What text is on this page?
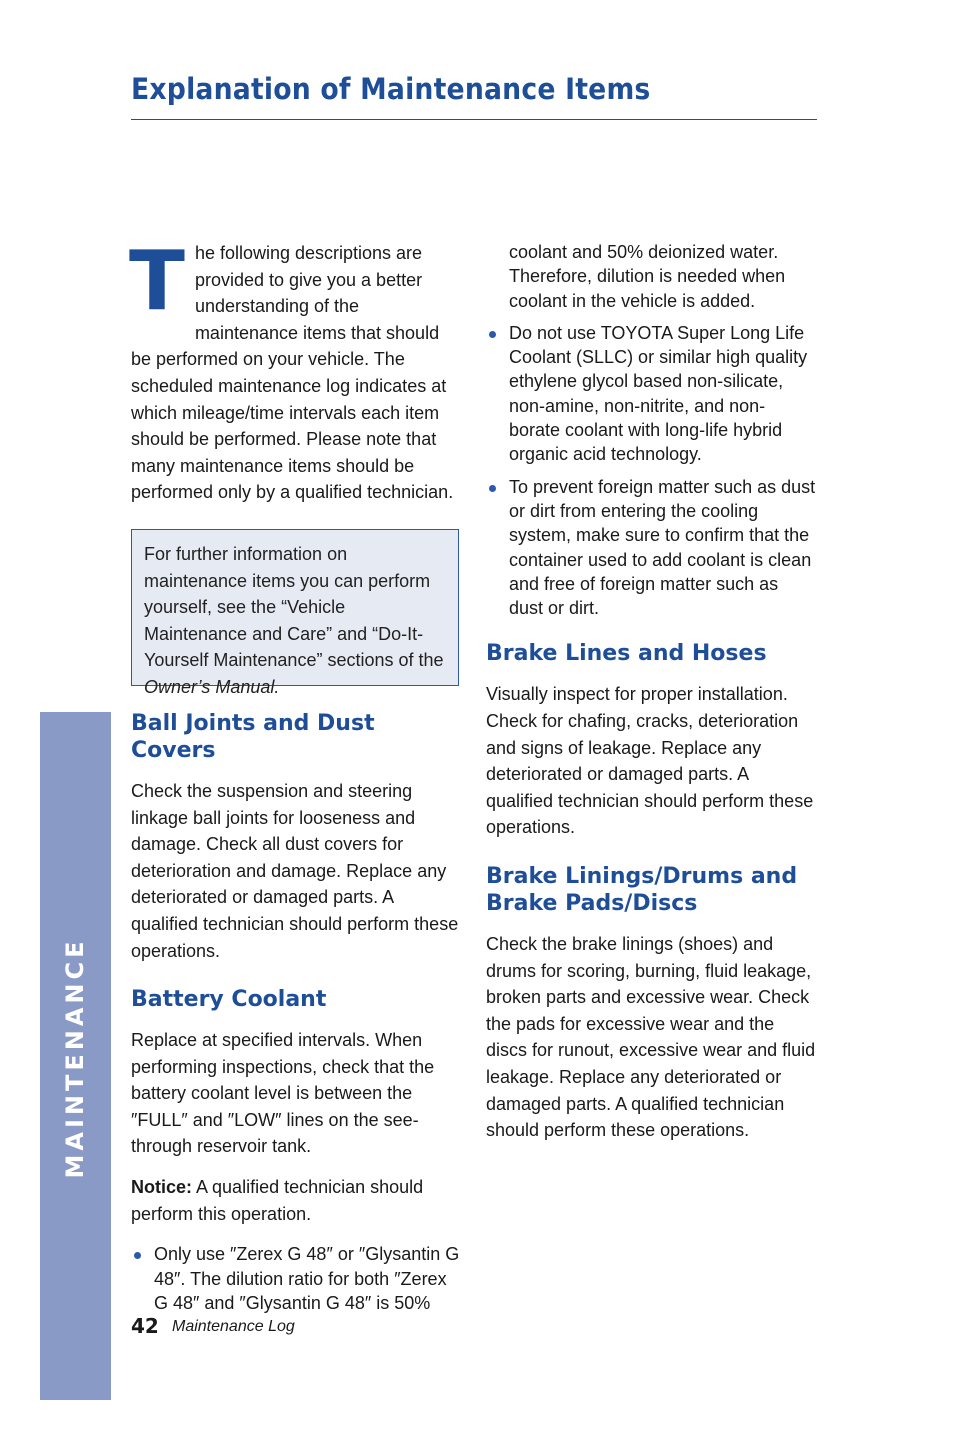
Explanation of Maintenance Items
MAINTENANCE

The following descriptions are provided to give you a better understanding of the maintenance items that should be performed on your vehicle. The scheduled maintenance log indicates at which mileage/time intervals each item should be performed. Please note that many maintenance items should be performed only by a qualified technician.

For further information on maintenance items you can perform yourself, see the “Vehicle Maintenance and Care” and “Do-It-Yourself Maintenance” sections of the Owner’s Manual.
Ball Joints and Dust Covers

Check the suspension and steering linkage ball joints for looseness and damage. Check all dust covers for deterioration and damage. Replace any deteriorated or damaged parts. A qualified technician should perform these operations.

Battery Coolant

Replace at specified intervals. When performing inspections, check that the battery coolant level is between the ″FULL″ and ″LOW″ lines on the see-through reservoir tank.

Notice: A qualified technician should perform this operation.

Only use ″Zerex G 48″ or ″Glysantin G 48″. The dilution ratio for both ″Zerex G 48″ and ″Glysantin G 48″ is 50%

coolant and 50% deionized water. Therefore, dilution is needed when coolant in the vehicle is added.

Do not use TOYOTA Super Long Life Coolant (SLLC) or similar high quality ethylene glycol based non-silicate, non-amine, non-nitrite, and non-borate coolant with long-life hybrid organic acid technology.
To prevent foreign matter such as dust or dirt from entering the cooling system, make sure to confirm that the container used to add coolant is clean and free of foreign matter such as dust or dirt.
Brake Lines and Hoses

Visually inspect for proper installation. Check for chafing, cracks, deterioration and signs of leakage. Replace any deteriorated or damaged parts. A qualified technician should perform these operations.

Brake Linings/Drums and Brake Pads/Discs

Check the brake linings (shoes) and drums for scoring, burning, fluid leakage, broken parts and excessive wear. Check the pads for excessive wear and the discs for runout, excessive wear and fluid leakage. Replace any deteriorated or damaged parts. A qualified technician should perform these operations.

42 Maintenance Log
